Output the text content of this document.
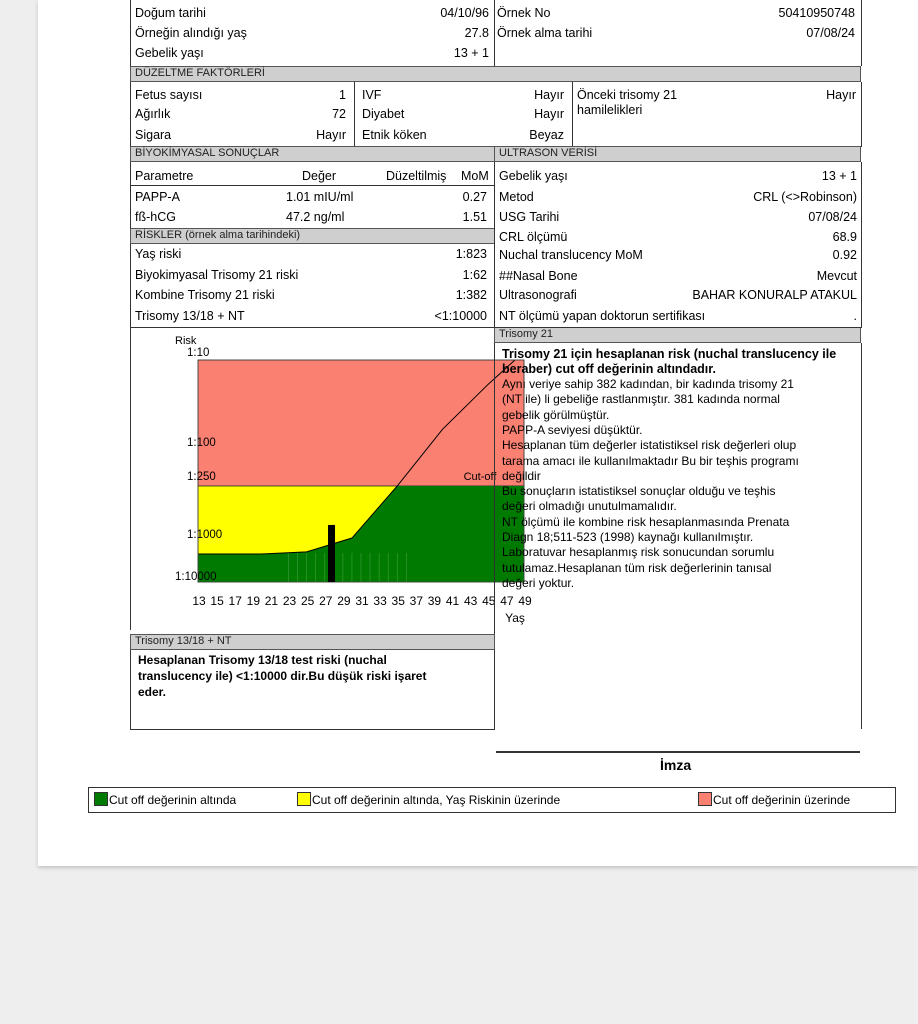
Doğum tarihi	04/10/96
Örneğin alındığı yaş	27.8
Gebelik yaşı	13 + 1
Örnek No	50410950748
Örnek alma tarihi	07/08/24
DÜZELTME FAKTÖRLERİ
Fetus sayısı	1
Ağırlık	72
Sigara	Hayır
IVF	Hayır
Diyabet	Hayır
Etnik köken	Beyaz
Önceki trisomy 21
hamilelikleri
Hayır
BİYOKİMYASAL SONUÇLAR	ULTRASON VERİSİ
Parametre	Değer	Düzeltilmiş MoM
PAPP-A	1.01 mIU/ml	0.27
fß-hCG	47.2 ng/ml	1.51
RİSKLER (örnek alma tarihindeki)
Yaş riski	1:823
Biyokimyasal Trisomy 21 riski	1:62
Kombine Trisomy 21 riski	1:382
Trisomy 13/18 + NT	<1:10000
Gebelik yaşı	13 + 1
Metod	CRL (<>Robinson)
USG Tarihi	07/08/24
CRL ölçümü	68.9
Nuchal translucency MoM	0.92
##Nasal Bone	Mevcut
Ultrasonografi	BAHAR KONURALP ATAKUL
NT ölçümü yapan doktorun sertifikası	.
Risk
1:10
1:100
1:250
1:1000
1:10000
13 15 17 19 21 23 25 27 29 31 33 35 37 39 41 43 45 47 49
Yaş
Cut-off
Trisomy 21
Trisomy 21 için hesaplanan risk (nuchal translucency ile beraber) cut off değerinin altındadır.
Aynı veriye sahip 382 kadından, bir kadında trisomy 21
(NT ile) li gebeliğe rastlanmıştır. 381 kadında normal
gebelik görülmüştür.
PAPP-A seviyesi düşüktür.
Hesaplanan tüm değerler istatistiksel risk değerleri olup
tarama amacı ile kullanılmaktadır Bu bir teşhis programı
değildir
Bu sonuçların istatistiksel sonuçlar olduğu ve teşhis
değeri olmadığı unutulmamalıdır.
NT ölçümü ile kombine risk hesaplanmasında Prenata
Diagn 18;511-523 (1998) kaynağı kullanılmıştır.
Laboratuvar hesaplanmış risk sonucundan sorumlu
tutulamaz.Hesaplanan tüm risk değerlerinin tanısal
değeri yoktur.
Trisomy 13/18 + NT
Hesaplanan Trisomy 13/18 test riski (nuchal
translucency ile) <1:10000 dir.Bu düşük riski işaret
eder.
İmza
Cut off değerinin altında	Cut off değerinin altında, Yaş Riskinin üzerinde	Cut off değerinin üzerinde
